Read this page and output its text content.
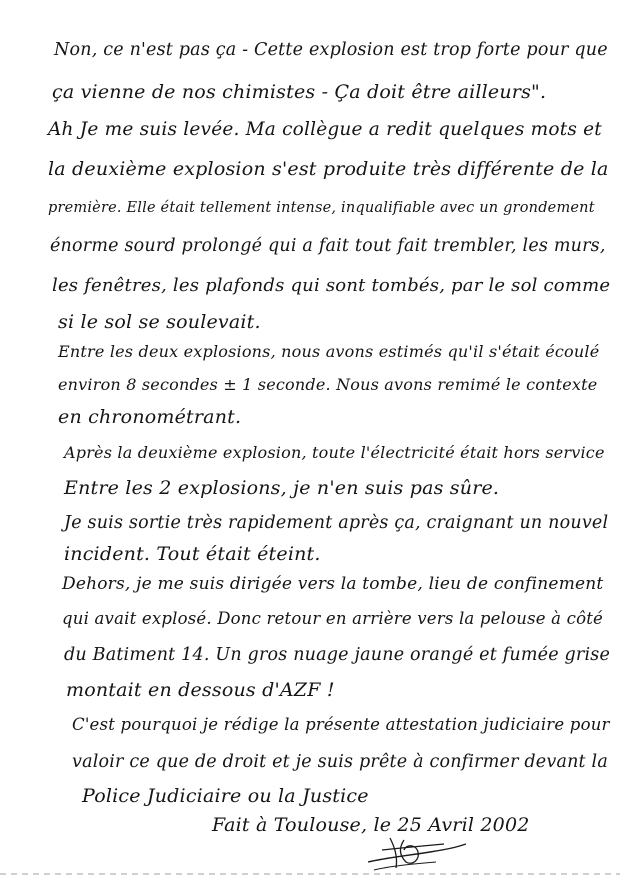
Non, ce n'est pas ça - Cette explosion est trop forte pour que
ça vienne de nos chimistes - Ça doit être ailleurs".
Ah Je me suis levée. Ma collègue a redit quelques mots et
la deuxième explosion s'est produite très différente de la
première. Elle était tellement intense, inqualifiable avec un grondement
énorme sourd prolongé qui a fait tout fait trembler, les murs,
les fenêtres, les plafonds qui sont tombés, par le sol comme
si le sol se soulevait.
Entre les deux explosions, nous avons estimés qu'il s'était écoulé
environ 8 secondes ± 1 seconde. Nous avons remimé le contexte
en chronométrant.
Après la deuxième explosion, toute l'électricité était hors service
Entre les 2 explosions, je n'en suis pas sûre.
Je suis sortie très rapidement après ça, craignant un nouvel
incident. Tout était éteint.
Dehors, je me suis dirigée vers la tombe, lieu de confinement
qui avait explosé. Donc retour en arrière vers la pelouse à côté
du Batiment 14. Un gros nuage jaune orangé et fumée grise
montait en dessous d'AZF !
C'est pourquoi je rédige la présente attestation judiciaire pour
valoir ce que de droit et je suis prête à confirmer devant la
Police Judiciaire ou la Justice
Fait à Toulouse, le 25 Avril 2002
